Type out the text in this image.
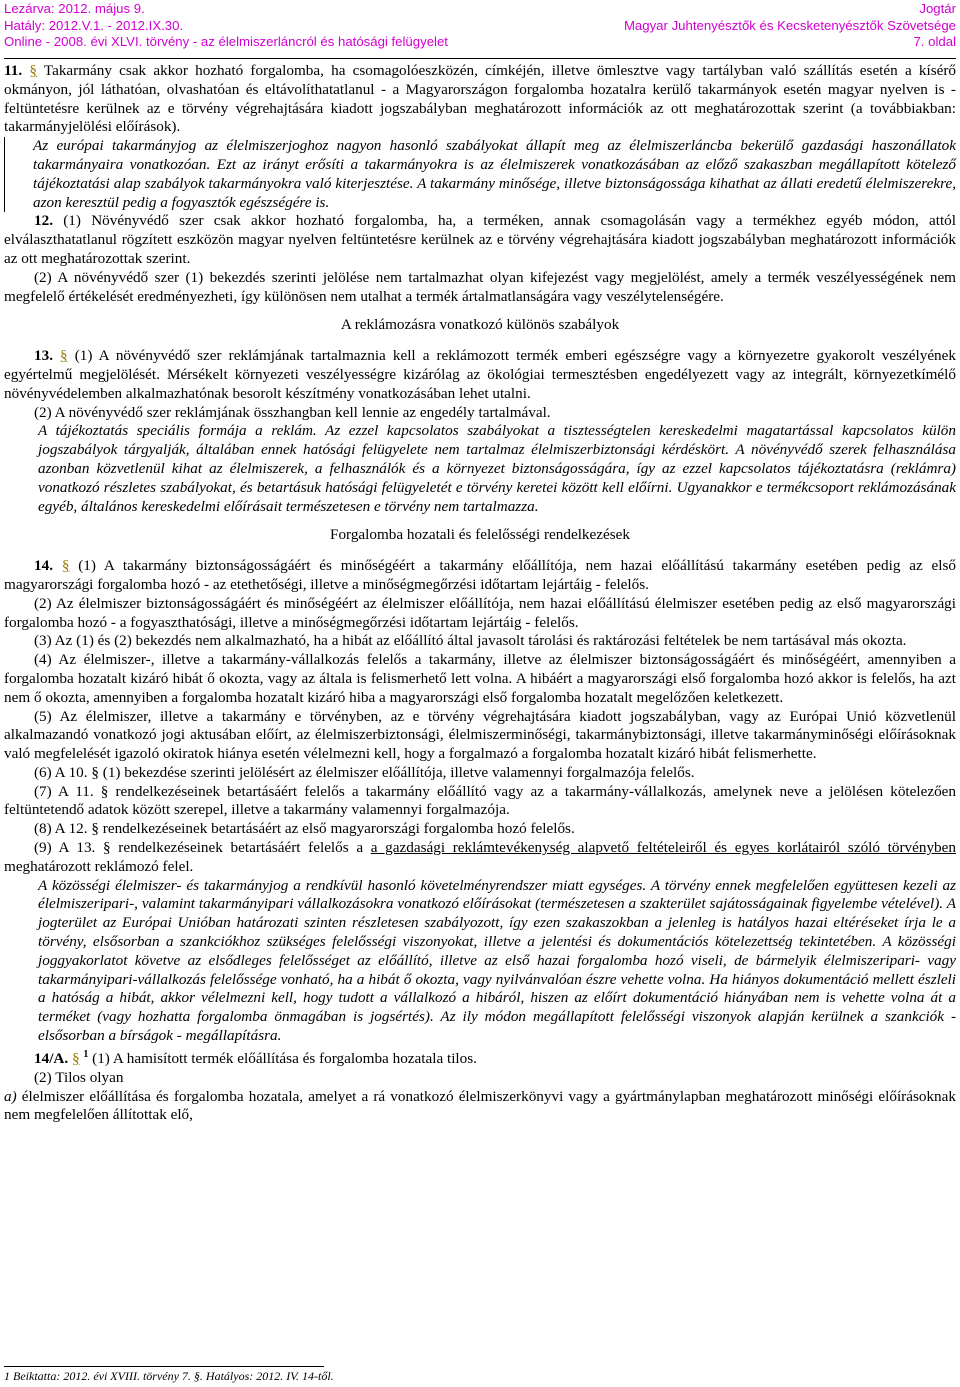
Lezárva: 2012. május 9.
Hatály: 2012.V.1. - 2012.IX.30.
Online - 2008. évi XLVI. törvény - az élelmiszerláncról és hatósági felügyelet
Jogtár
Magyar Juhtenyésztők és Kecsketenyésztők Szövetsége
7. oldal

11. § Takarmány csak akkor hozható forgalomba, ha csomagolóeszközén, címkéjén, illetve ömlesztve vagy tartályban való szállítás esetén a kísérő okmányon, jól láthatóan, olvashatóan és eltávolíthatatlanul - a Magyarországon forgalomba hozatalra kerülő takarmányok esetén magyar nyelven is - feltüntetésre kerülnek az e törvény végrehajtására kiadott jogszabályban meghatározott információk az ott meghatározottak szerint (a továbbiakban: takarmányjelölési előírások).

Az európai takarmányjog az élelmiszerjoghoz nagyon hasonló szabályokat állapít meg az élelmiszerláncba bekerülő gazdasági haszonállatok takarmányaira vonatkozóan. Ezt az irányt erősíti a takarmányokra is az élelmiszerek vonatkozásában az előző szakaszban megállapított kötelező tájékoztatási alap szabályok takarmányokra való kiterjesztése. A takarmány minősége, illetve biztonságossága kihathat az állati eredetű élelmiszerekre, azon keresztül pedig a fogyasztók egészségére is.

12. (1) Növényvédő szer csak akkor hozható forgalomba, ha, a terméken, annak csomagolásán vagy a termékhez egyéb módon, attól elválaszthatatlanul rögzített eszközön magyar nyelven feltüntetésre kerülnek az e törvény végrehajtására kiadott jogszabályban meghatározott információk az ott meghatározottak szerint.

(2) A növényvédő szer (1) bekezdés szerinti jelölése nem tartalmazhat olyan kifejezést vagy megjelölést, amely a termék veszélyességének nem megfelelő értékelését eredményezheti, így különösen nem utalhat a termék ártalmatlanságára vagy veszélytelenségére.

A reklámozásra vonatkozó különös szabályok

13. § (1) A növényvédő szer reklámjának tartalmaznia kell a reklámozott termék emberi egészségre vagy a környezetre gyakorolt veszélyének egyértelmű megjelölését. Mérsékelt környezeti veszélyességre kizárólag az ökológiai termesztésben engedélyezett vagy az integrált, környezetkímélő növényvédelemben alkalmazhatónak besorolt készítmény vonatkozásában lehet utalni.

(2) A növényvédő szer reklámjának összhangban kell lennie az engedély tartalmával.

A tájékoztatás speciális formája a reklám. Az ezzel kapcsolatos szabályokat a tisztességtelen kereskedelmi magatartással kapcsolatos külön jogszabályok tárgyalják, általában ennek hatósági felügyelete nem tartalmaz élelmiszerbiztonsági kérdéskört. A növényvédő szerek felhasználása azonban közvetlenül kihat az élelmiszerek, a felhasználók és a környezet biztonságosságára, így az ezzel kapcsolatos tájékoztatásra (reklámra) vonatkozó részletes szabályokat, és betartásuk hatósági felügyeletét e törvény keretei között kell előírni. Ugyanakkor e termékcsoport reklámozásának egyéb, általános kereskedelmi előírásait természetesen e törvény nem tartalmazza.

Forgalomba hozatali és felelősségi rendelkezések

14. § (1) A takarmány biztonságosságáért és minőségéért a takarmány előállítója, nem hazai előállítású takarmány esetében pedig az első magyarországi forgalomba hozó - az etethetőségi, illetve a minőségmegőrzési időtartam lejártáig - felelős.

(2) Az élelmiszer biztonságosságáért és minőségéért az élelmiszer előállítója, nem hazai előállítású élelmiszer esetében pedig az első magyarországi forgalomba hozó - a fogyaszthatósági, illetve a minőségmegőrzési időtartam lejártáig - felelős.

(3) Az (1) és (2) bekezdés nem alkalmazható, ha a hibát az előállító által javasolt tárolási és raktározási feltételek be nem tartásával más okozta.

(4) Az élelmiszer-, illetve a takarmány-vállalkozás felelős a takarmány, illetve az élelmiszer biztonságosságáért és minőségéért, amennyiben a forgalomba hozatalt kizáró hibát ő okozta, vagy az általa is felismerhető lett volna. A hibáért a magyarországi első forgalomba hozó akkor is felelős, ha azt nem ő okozta, amennyiben a forgalomba hozatalt kizáró hiba a magyarországi első forgalomba hozatalt megelőzően keletkezett.

(5) Az élelmiszer, illetve a takarmány e törvényben, az e törvény végrehajtására kiadott jogszabályban, vagy az Európai Unió közvetlenül alkalmazandó vonatkozó jogi aktusában előírt, az élelmiszerbiztonsági, élelmiszerminőségi, takarmánybiztonsági, illetve takarmányminőségi előírásoknak való megfelelését igazoló okiratok hiánya esetén vélelmezni kell, hogy a forgalmazó a forgalomba hozatalt kizáró hibát felismerhette.

(6) A 10. § (1) bekezdése szerinti jelölésért az élelmiszer előállítója, illetve valamennyi forgalmazója felelős.

(7) A 11. § rendelkezéseinek betartásáért felelős a takarmány előállító vagy az a takarmány-vállalkozás, amelynek neve a jelölésen kötelezően feltüntetendő adatok között szerepel, illetve a takarmány valamennyi forgalmazója.

(8) A 12. § rendelkezéseinek betartásáért az első magyarországi forgalomba hozó felelős.

(9) A 13. § rendelkezéseinek betartásáért felelős a a gazdasági reklámtevékenység alapvető feltételeiről és egyes korlátairól szóló törvényben meghatározott reklámozó felel.

A közösségi élelmiszer- és takarmányjog a rendkívül hasonló követelményrendszer miatt egységes. A törvény ennek megfelelően együttesen kezeli az élelmiszeripari-, valamint takarmányipari vállalkozásokra vonatkozó előírásokat (természetesen a szakterület sajátosságainak figyelembe vételével). A jogterület az Európai Unióban határozati szinten részletesen szabályozott, így ezen szakaszokban a jelenleg is hatályos hazai eltérésekеt írja le a törvény, elsősorban a szankciókhoz szükséges felelősségi viszonyokat, illetve a jelentési és dokumentációs kötelezettség tekintetében. A közösségi joggyakorlatot követve az elsődleges felelősséget az előállító, illetve az első hazai forgalomba hozó viseli, de bármelyik élelmiszeripari- vagy takarmányipari-vállalkozás felelőssége vonható, ha a hibát ő okozta, vagy nyilvánvalóan észre vehette volna. Ha hiányos dokumentáció mellett észleli a hatóság a hibát, akkor vélelmezni kell, hogy tudott a vállalkozó a hibáról, hiszen az előírt dokumentáció hiányában nem is vehette volna át a terméket (vagy hozhatta forgalomba önmagában is jogsértés). Az ily módon megállapított felelősségi viszonyok alapján kerülnek a szankciók - elsősorban a bírságok - megállapításra.

14/A. § $^1$ (1) A hamisított termék előállítása és forgalomba hozatala tilos.

(2) Tilos olyan

a) élelmiszer előállítása és forgalomba hozatala, amelyet a rá vonatkozó élelmiszerkönyvi vagy a gyártmánylapban meghatározott minőségi előírásoknak nem megfelelően állítottak elő,

1 Beiktatta: 2012. évi XVIII. törvény 7. §. Hatályos: 2012. IV. 14-től.
